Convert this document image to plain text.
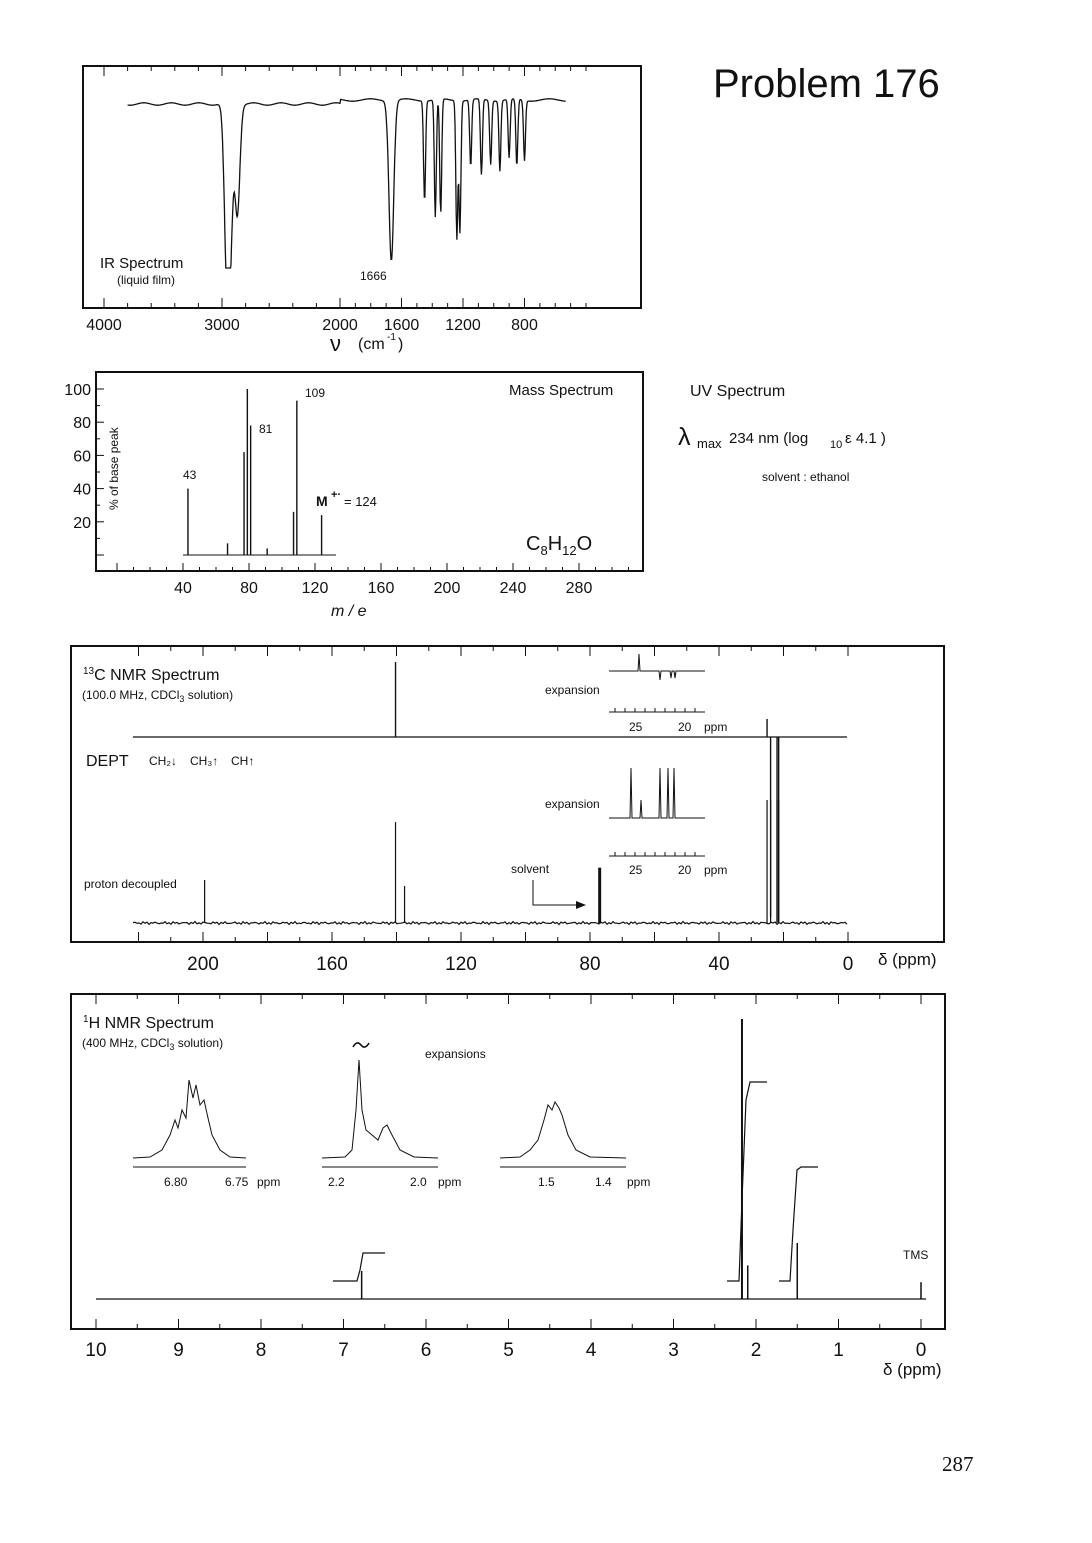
Problem 176
287
IR Spectrum
(liquid film)	1666
4000	3000	2000 1600 1200 800
ν (cm -1 )
100
80
60
40
20
40	80	120 160 200 240 280
% of base peak
Mass Spectrum
m / e
43
81
109
M +· = 124
$C_8H_{12}O$
UV Spectrum
λ max 234 nm (log 10 ε 4.1 )
solvent : ethanol
$^{13}$C NMR Spectrum
(100.0 MHz, CDCl$_3$ solution)
DEPT CH₂↓ CH₃↑ CH↑
proton decoupled
solvent
expansion
25	20 ppm
expansion
25	20 ppm
200	160	120	80	40	0 δ (ppm)
$^1$H NMR Spectrum
(400 MHz, CDCl$_3$ solution)
expansions
TMS
6.80	6.75 ppm	2.2	2.0 ppm	1.5	1.4 ppm
10	9	8	7	6	5	4	3	2	1	0
δ (ppm)
